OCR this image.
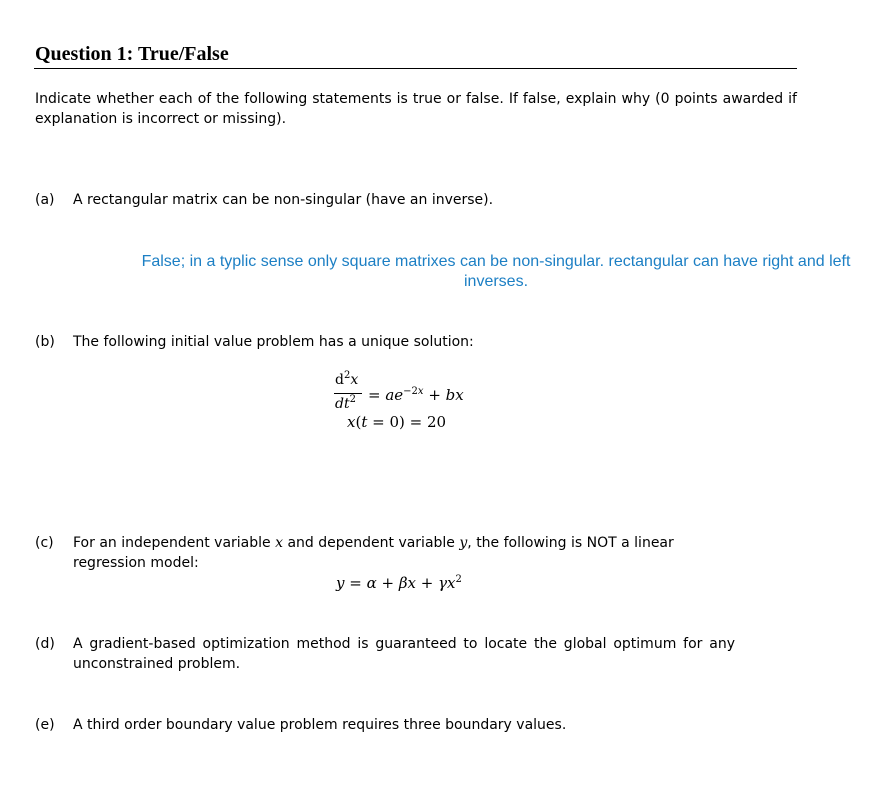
Question 1: True/False
Indicate whether each of the following statements is true or false. If false, explain why (0 points awarded if explanation is incorrect or missing).
(a) A rectangular matrix can be non-singular (have an inverse).
False; in a typlic sense only square matrixes can be non-singular. rectangular can have right and left inverses.
(b) The following initial value problem has a unique solution:
$d^2x$
$dt^2 = ae^{-2x}$ + bx
x(t = 0) = 20
(c) For an independent variable x and dependent variable y, the following is NOT a linear regression model:
$y = \alpha + \beta x + \gamma x^2$
(d) A gradient-based optimization method is guaranteed to locate the global optimum for any unconstrained problem.
(e) A third order boundary value problem requires three boundary values.
